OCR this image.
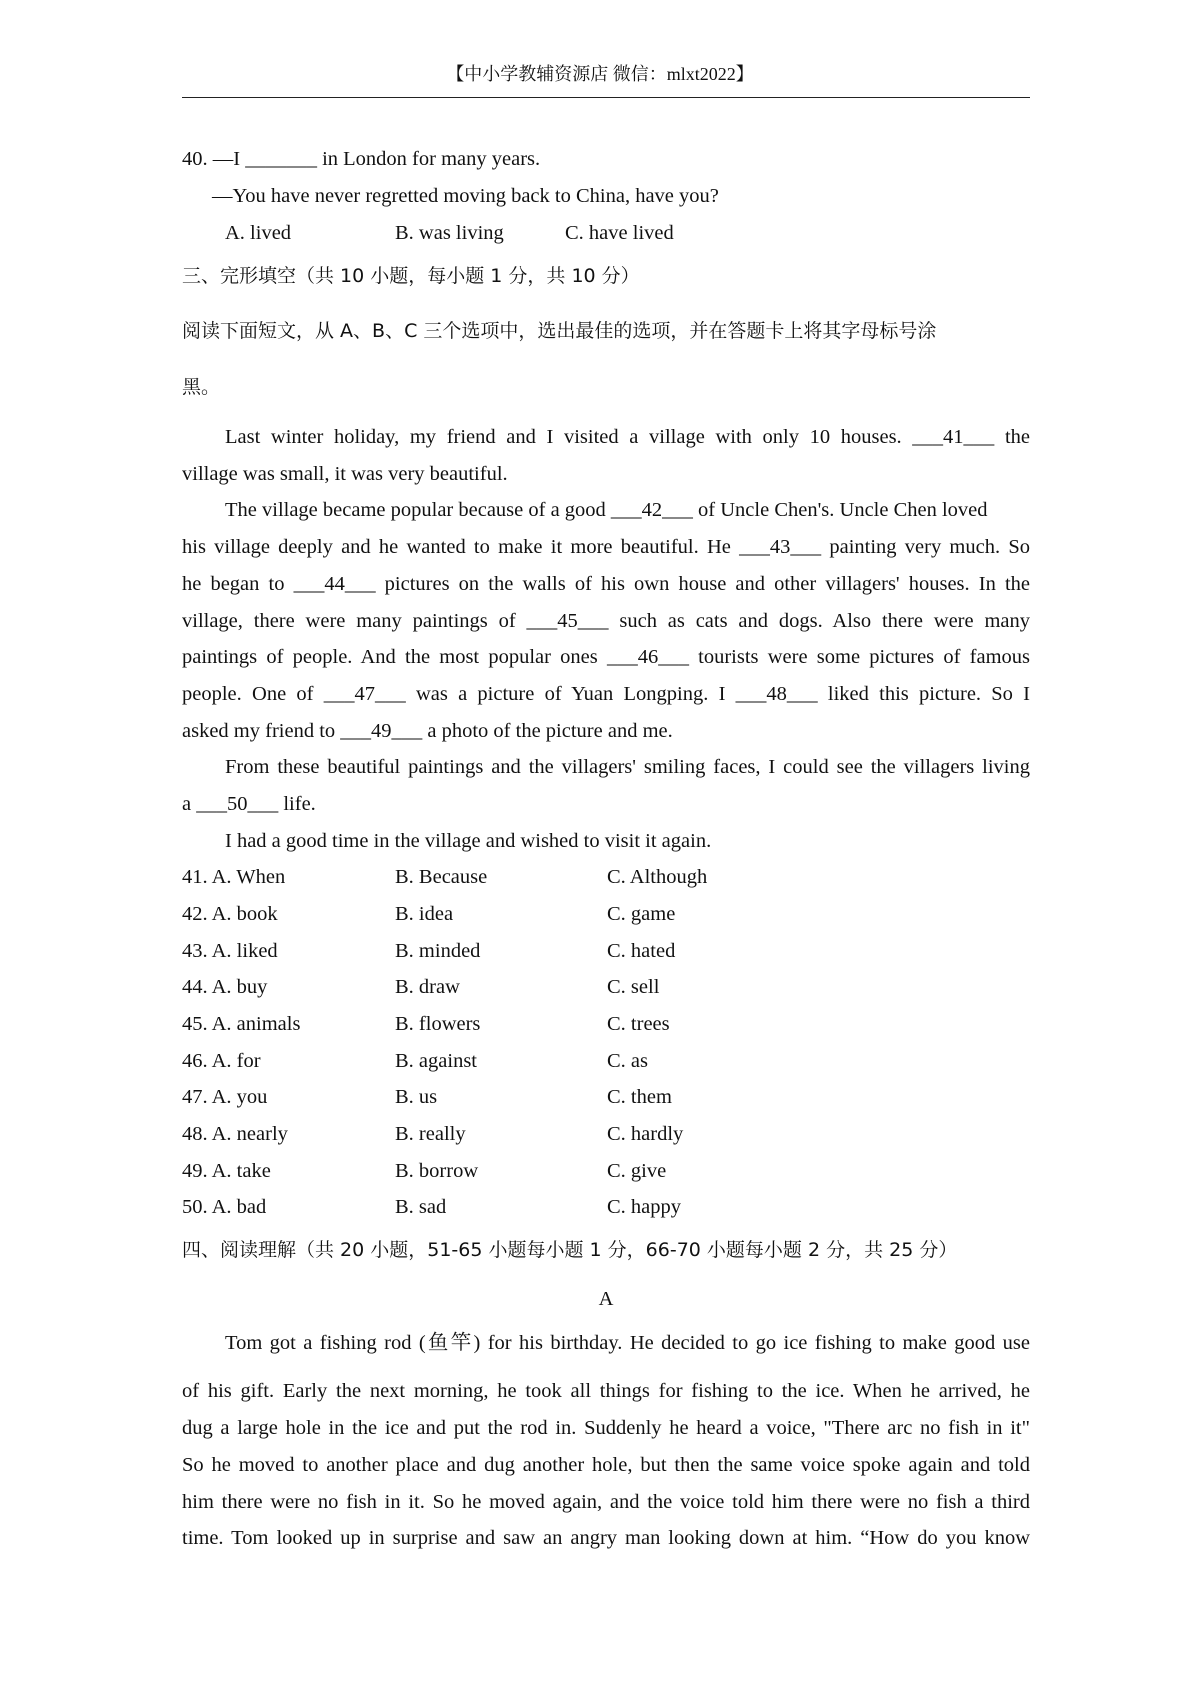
【中小学教辅资源店 微信：mlxt2022】
40. —I _______ in London for many years.
—You have never regretted moving back to China, have you?
A. lived	B. was living	C. have lived
三、完形填空（共 10 小题，每小题 1 分，共 10 分）
阅读下面短文，从 A、B、C 三个选项中，选出最佳的选项，并在答题卡上将其字母标号涂
黑。
Last winter holiday, my friend and I visited a village with only 10 houses. ___41___ the
village was small, it was very beautiful.
The village became popular because of a good ___42___ of Uncle Chen's. Uncle Chen loved
his village deeply and he wanted to make it more beautiful. He ___43___ painting very much. So
he began to ___44___ pictures on the walls of his own house and other villagers' houses. In the
village, there were many paintings of ___45___ such as cats and dogs. Also there were many
paintings of people. And the most popular ones ___46___ tourists were some pictures of famous
people. One of ___47___ was a picture of Yuan Longping. I ___48___ liked this picture. So I
asked my friend to ___49___ a photo of the picture and me.
From these beautiful paintings and the villagers' smiling faces, I could see the villagers living
a ___50___ life.
I had a good time in the village and wished to visit it again.
41. A. When	B. Because	C. Although
42. A. book	B. idea	C. game
43. A. liked	B. minded	C. hated
44. A. buy	B. draw	C. sell
45. A. animals	B. flowers	C. trees
46. A. for	B. against	C. as
47. A. you	B. us	C. them
48. A. nearly	B. really	C. hardly
49. A. take	B. borrow	C. give
50. A. bad	B. sad	C. happy
四、阅读理解（共 20 小题，51-65 小题每小题 1 分，66-70 小题每小题 2 分，共 25 分）
A
Tom got a fishing rod (鱼竿) for his birthday. He decided to go ice fishing to make good use
of his gift. Early the next morning, he took all things for fishing to the ice. When he arrived, he
dug a large hole in the ice and put the rod in. Suddenly he heard a voice, "There arc no fish in it"
So he moved to another place and dug another hole, but then the same voice spoke again and told
him there were no fish in it. So he moved again, and the voice told him there were no fish a third
time. Tom looked up in surprise and saw an angry man looking down at him. “How do you know
